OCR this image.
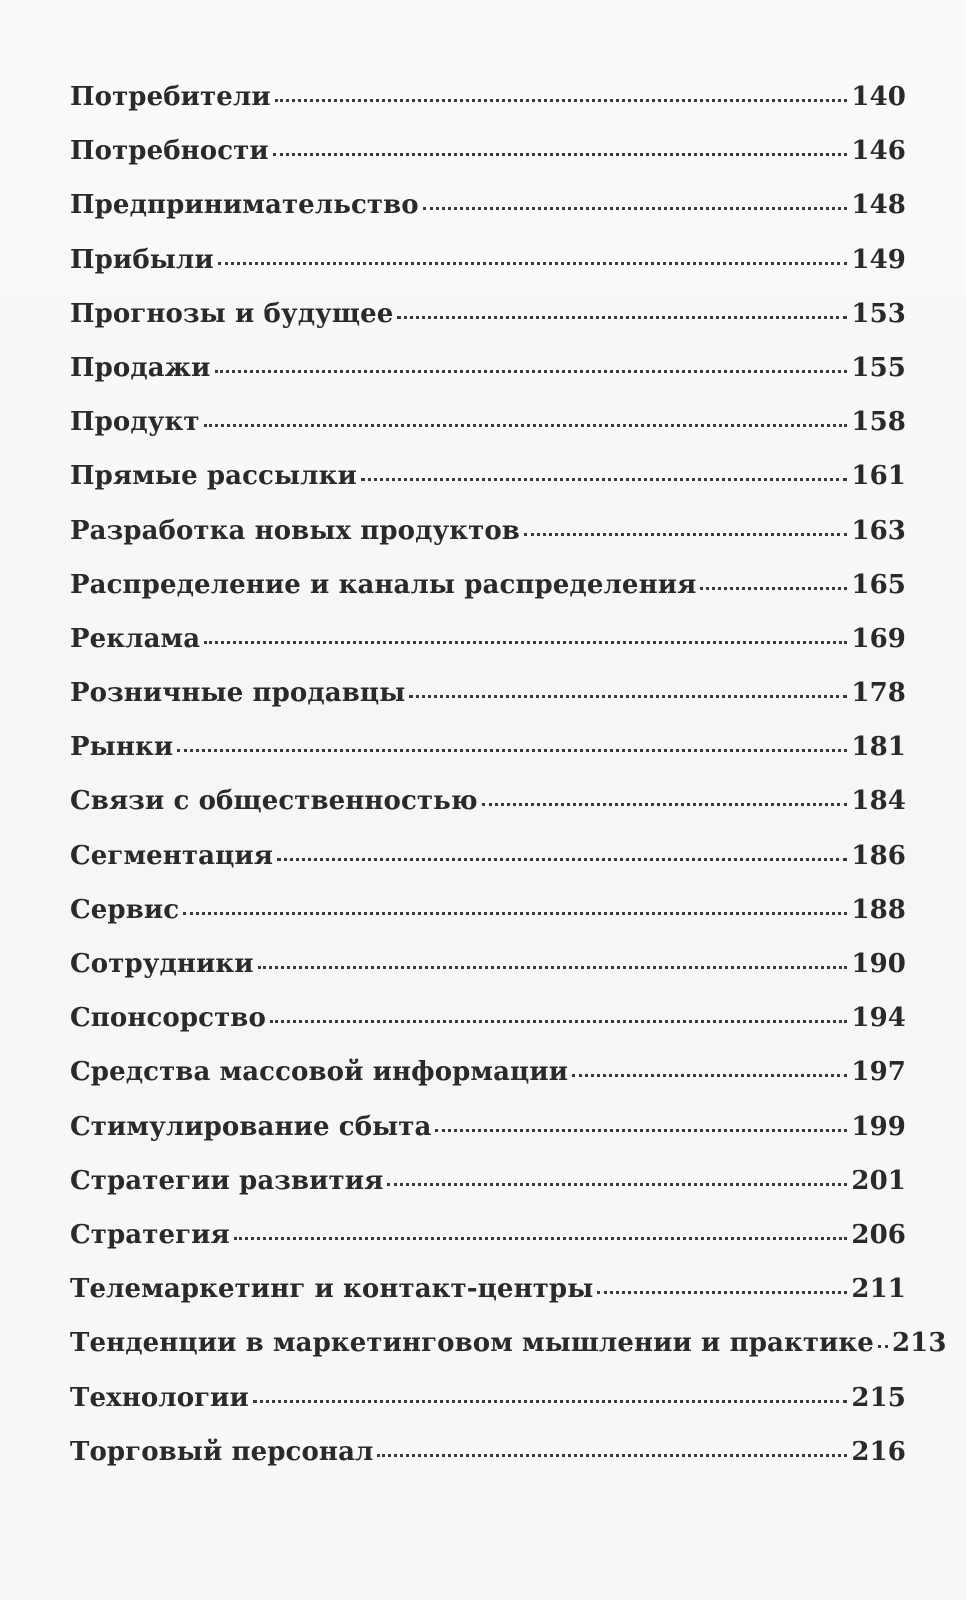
Потребители	140
Потребности	146
Предпринимательство	148
Прибыли	149
Прогнозы и будущее	153
Продажи	155
Продукт	158
Прямые рассылки	161
Разработка новых продуктов	163
Распределение и каналы распределения	165
Реклама	169
Розничные продавцы	178
Рынки	181
Связи с общественностью	184
Сегментация	186
Сервис	188
Сотрудники	190
Спонсорство	194
Средства массовой информации	197
Стимулирование сбыта	199
Стратегии развития	201
Стратегия	206
Телемаркетинг и контакт-центры	211
Тенденции в маркетинговом мышлении и практике 213
Технологии	215
Торговый персонал	216
